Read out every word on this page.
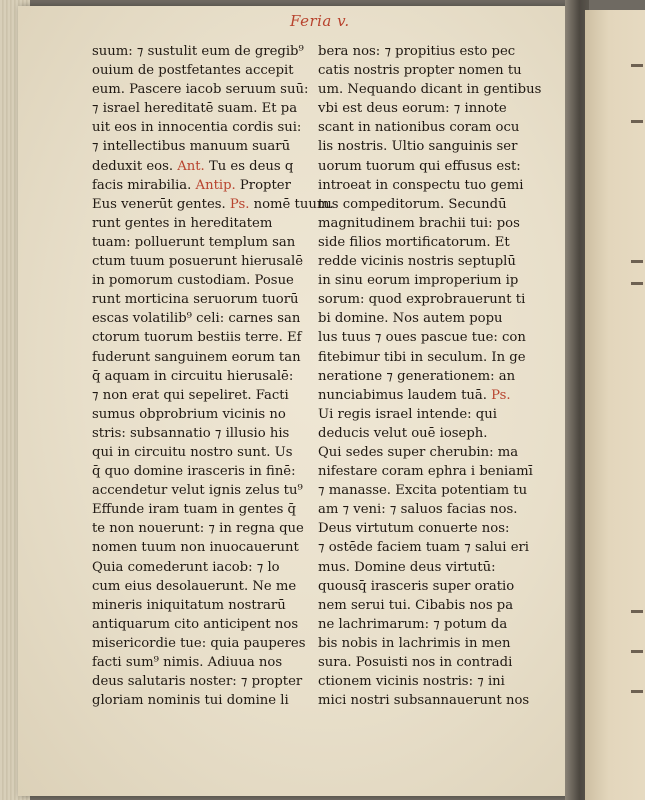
Feria v.
suum: ⁊ sustulit eum de gregib⁹
ouium de postfetantes accepit
eum. Pascere iacob seruum suū:
⁊ israel hereditatē suam. Et pa
uit eos in innocentia cordis sui:
⁊ intellectibus manuum suarū
deduxit eos. Ant. Tu es deus q
facis mirabilia. Antip. Propter
Eus venerūt gentes. Ps. nomē tuum.
runt gentes in hereditatem
tuam: polluerunt templum san
ctum tuum posuerunt hierusalē
in pomorum custodiam. Posue
runt morticina seruorum tuorū
escas volatilib⁹ celi: carnes san
ctorum tuorum bestiis terre. Ef
fuderunt sanguinem eorum tan
q̄ aquam in circuitu hierusalē:
⁊ non erat qui sepeliret. Facti
sumus obprobrium vicinis no
stris: subsannatio ⁊ illusio his
qui in circuitu nostro sunt. Us
q̄ quo domine irasceris in finē:
accendetur velut ignis zelus tu⁹
Effunde iram tuam in gentes q̄
te non nouerunt: ⁊ in regna que
nomen tuum non inuocauerunt
Quia comederunt iacob: ⁊ lo
cum eius desolauerunt. Ne me
mineris iniquitatum nostrarū
antiquarum cito anticipent nos
misericordie tue: quia pauperes
facti sum⁹ nimis. Adiuua nos
deus salutaris noster: ⁊ propter
gloriam nominis tui domine li
bera nos: ⁊ propitius esto pec
catis nostris propter nomen tu
um. Nequando dicant in gentibus
vbi est deus eorum: ⁊ innote
scant in nationibus coram ocu
lis nostris. Ultio sanguinis ser
uorum tuorum qui effusus est:
introeat in conspectu tuo gemi
tus compeditorum. Secundū
magnitudinem brachii tui: pos
side filios mortificatorum. Et
redde vicinis nostris septuplū
in sinu eorum improperium ip
sorum: quod exprobrauerunt ti
bi domine. Nos autem popu
lus tuus ⁊ oues pascue tue: con
fitebimur tibi in seculum. In ge
neratione ⁊ generationem: an
nunciabimus laudem tuā. Ps.
Ui regis israel intende: qui
deducis velut ouē ioseph.
Qui sedes super cherubin: ma
nifestare coram ephra i beniamī
⁊ manasse. Excita potentiam tu
am ⁊ veni: ⁊ saluos facias nos.
Deus virtutum conuerte nos:
⁊ ostēde faciem tuam ⁊ salui eri
mus. Domine deus virtutū:
quousq̄ irasceris super oratio
nem serui tui. Cibabis nos pa
ne lachrimarum: ⁊ potum da
bis nobis in lachrimis in men
sura. Posuisti nos in contradi
ctionem vicinis nostris: ⁊ ini
mici nostri subsannauerunt nos
